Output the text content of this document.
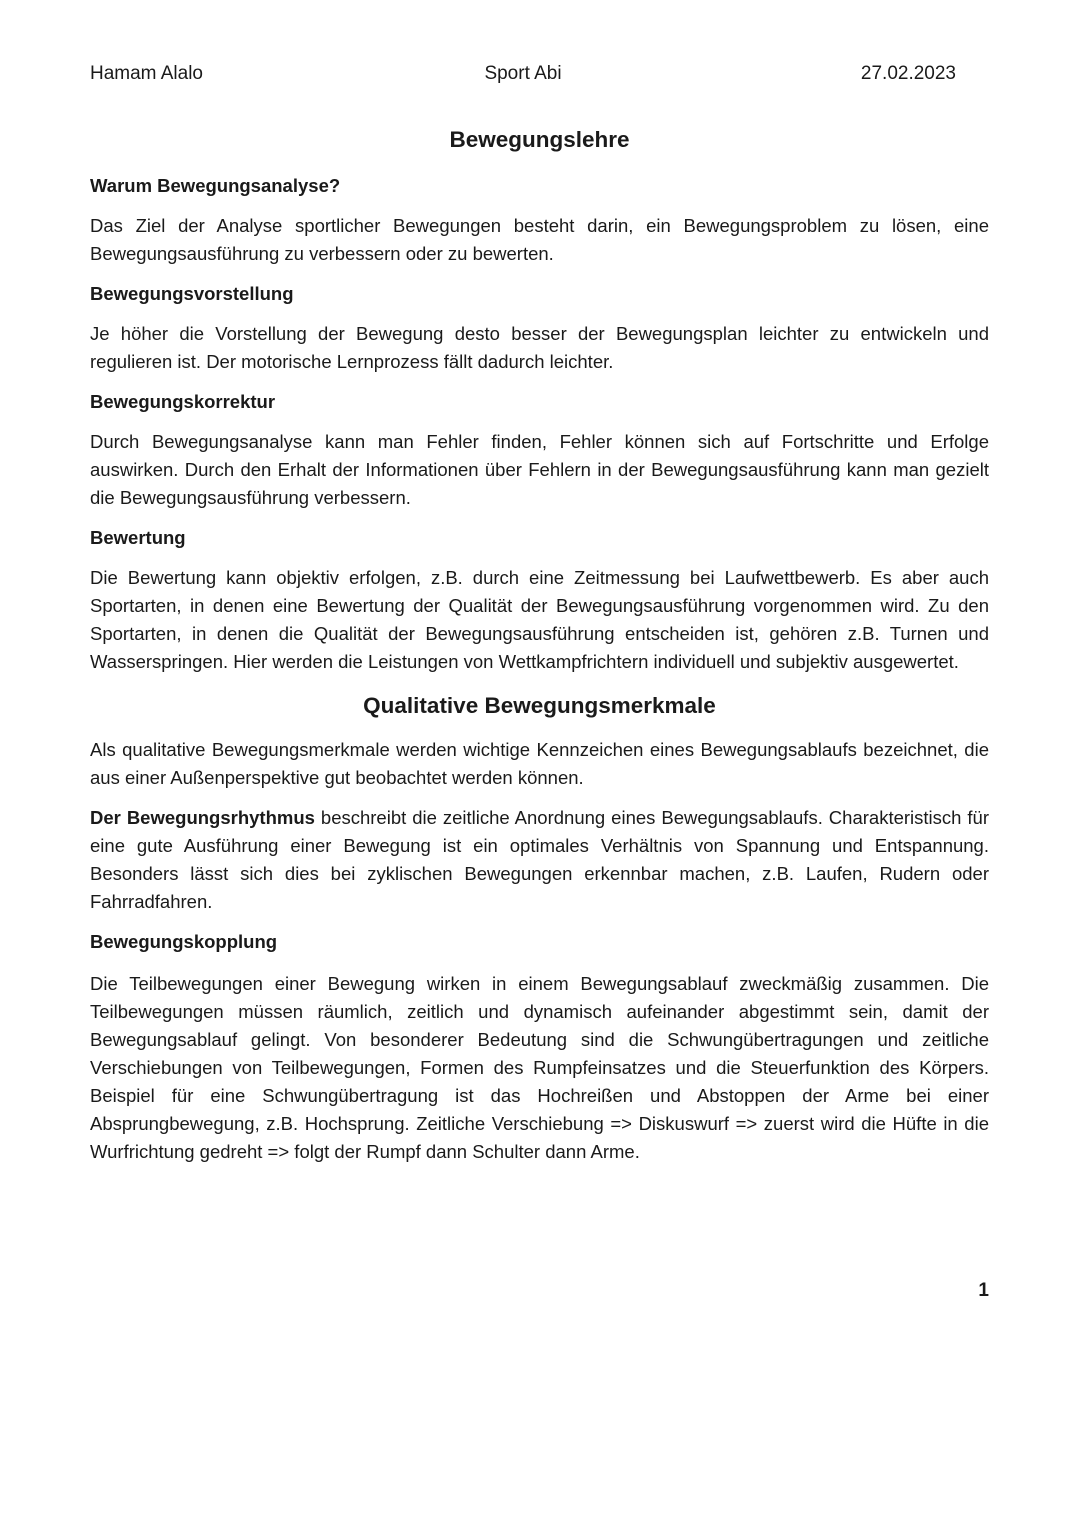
Hamam Alalo	Sport Abi	27.02.2023
Bewegungslehre
Warum Bewegungsanalyse?

Das Ziel der Analyse sportlicher Bewegungen besteht darin, ein Bewegungsproblem zu lösen, eine Bewegungsausführung zu verbessern oder zu bewerten.

Bewegungsvorstellung

Je höher die Vorstellung der Bewegung desto besser der Bewegungsplan leichter zu entwickeln und regulieren ist. Der motorische Lernprozess fällt dadurch leichter.

Bewegungskorrektur

Durch Bewegungsanalyse kann man Fehler finden, Fehler können sich auf Fortschritte und Erfolge auswirken. Durch den Erhalt der Informationen über Fehlern in der Bewegungsausführung kann man gezielt die Bewegungsausführung verbessern.

Bewertung

Die Bewertung kann objektiv erfolgen, z.B. durch eine Zeitmessung bei Laufwettbewerb. Es aber auch Sportarten, in denen eine Bewertung der Qualität der Bewegungsausführung vorgenommen wird. Zu den Sportarten, in denen die Qualität der Bewegungsausführung entscheiden ist, gehören z.B. Turnen und Wasserspringen. Hier werden die Leistungen von Wettkampfrichtern individuell und subjektiv ausgewertet.

Qualitative Bewegungsmerkmale

Als qualitative Bewegungsmerkmale werden wichtige Kennzeichen eines Bewegungsablaufs bezeichnet, die aus einer Außenperspektive gut beobachtet werden können.

Der Bewegungsrhythmus beschreibt die zeitliche Anordnung eines Bewegungsablaufs. Charakteristisch für eine gute Ausführung einer Bewegung ist ein optimales Verhältnis von Spannung und Entspannung. Besonders lässt sich dies bei zyklischen Bewegungen erkennbar machen, z.B. Laufen, Rudern oder Fahrradfahren.

Bewegungskopplung

Die Teilbewegungen einer Bewegung wirken in einem Bewegungsablauf zweckmäßig zusammen. Die Teilbewegungen müssen räumlich, zeitlich und dynamisch aufeinander abgestimmt sein, damit der Bewegungsablauf gelingt. Von besonderer Bedeutung sind die Schwungübertragungen und zeitliche Verschiebungen von Teilbewegungen, Formen des Rumpfeinsatzes und die Steuerfunktion des Körpers. Beispiel für eine Schwungübertragung ist das Hochreißen und Abstoppen der Arme bei einer Absprungbewegung, z.B. Hochsprung. Zeitliche Verschiebung => Diskuswurf => zuerst wird die Hüfte in die Wurfrichtung gedreht => folgt der Rumpf dann Schulter dann Arme.

1
